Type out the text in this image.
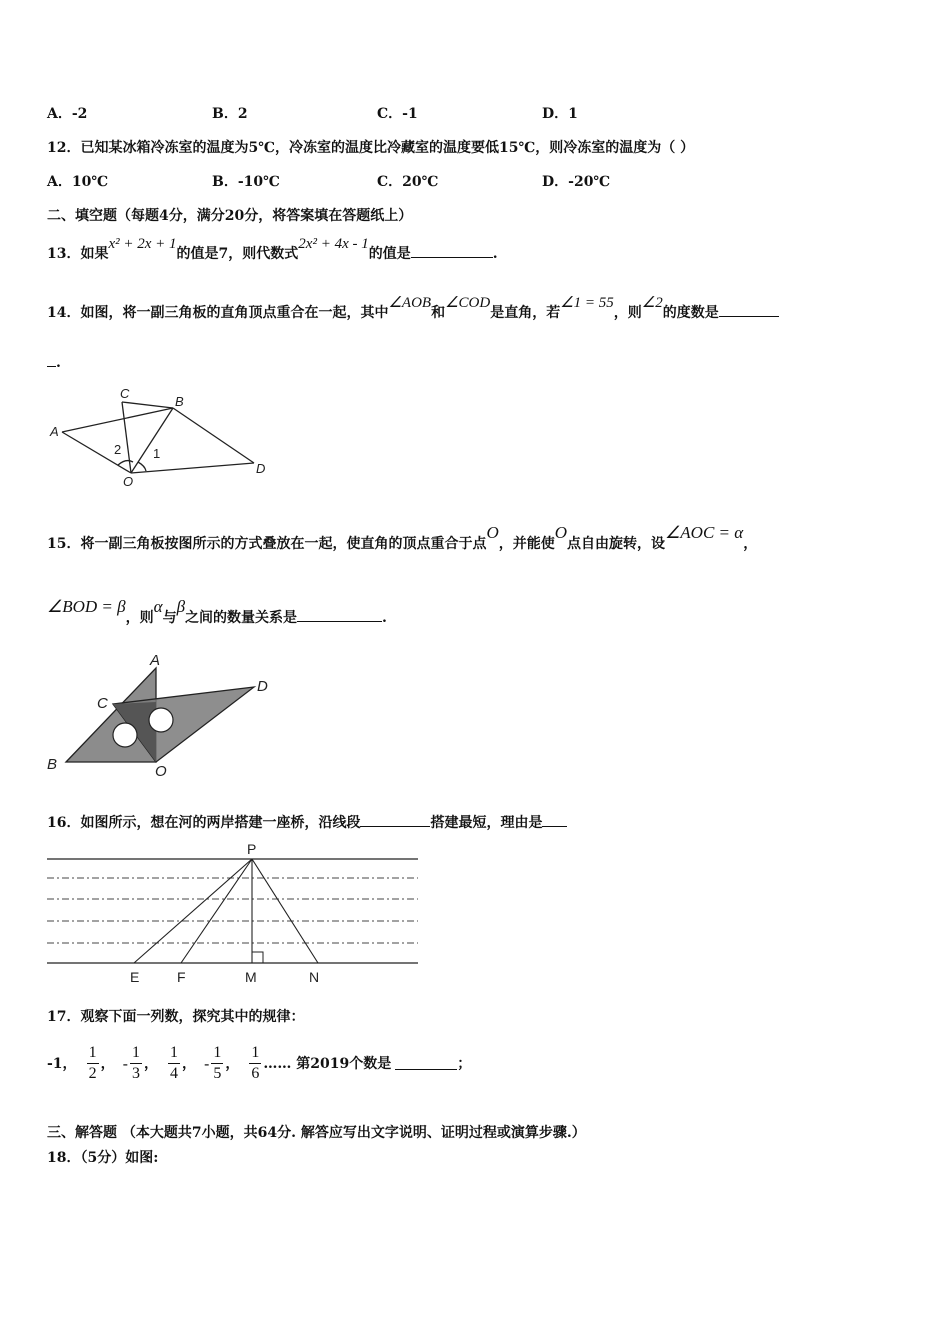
A．-2	B．2	C．-1	D．1
12．已知某冰箱冷冻室的温度为5℃，冷冻室的温度比冷藏室的温度要低15℃，则冷冻室的温度为（ ）
A．10℃	B．-10℃	C．20℃	D．-20℃
二、填空题（每题4分，满分20分，将答案填在答题纸上）
13．如果x² + 2x + 1的值是7，则代数式2x² + 4x - 1的值是	.
14．如图，将一副三角板的直角顶点重合在一起，其中∠AOB和∠COD是直角，若∠1 = 55，则∠2的度数是
.
C
B
A
2 1
O
D
15．将一副三角板按图所示的方式叠放在一起，使直角的顶点重合于点O，并能使O点自由旋转，设∠AOC = α，
∠BOD = β，则α与β之间的数量关系是	.
A
D
C
B	O
16．如图所示，想在河的两岸搭建一座桥，沿线段	搭建最短，理由是
P
E	F	M	N
17．观察下面一列数，探究其中的规律：
-1， $\frac{1}{2}$ ， - $\frac{1}{3}$ ， $\frac{1}{4}$ ， - $\frac{1}{5}$ ， $\frac{1}{6}$ …… 第2019个数是	；
三、解答题 （本大题共7小题，共64分. 解答应写出文字说明、证明过程或演算步骤.）
18．（5分）如图:
